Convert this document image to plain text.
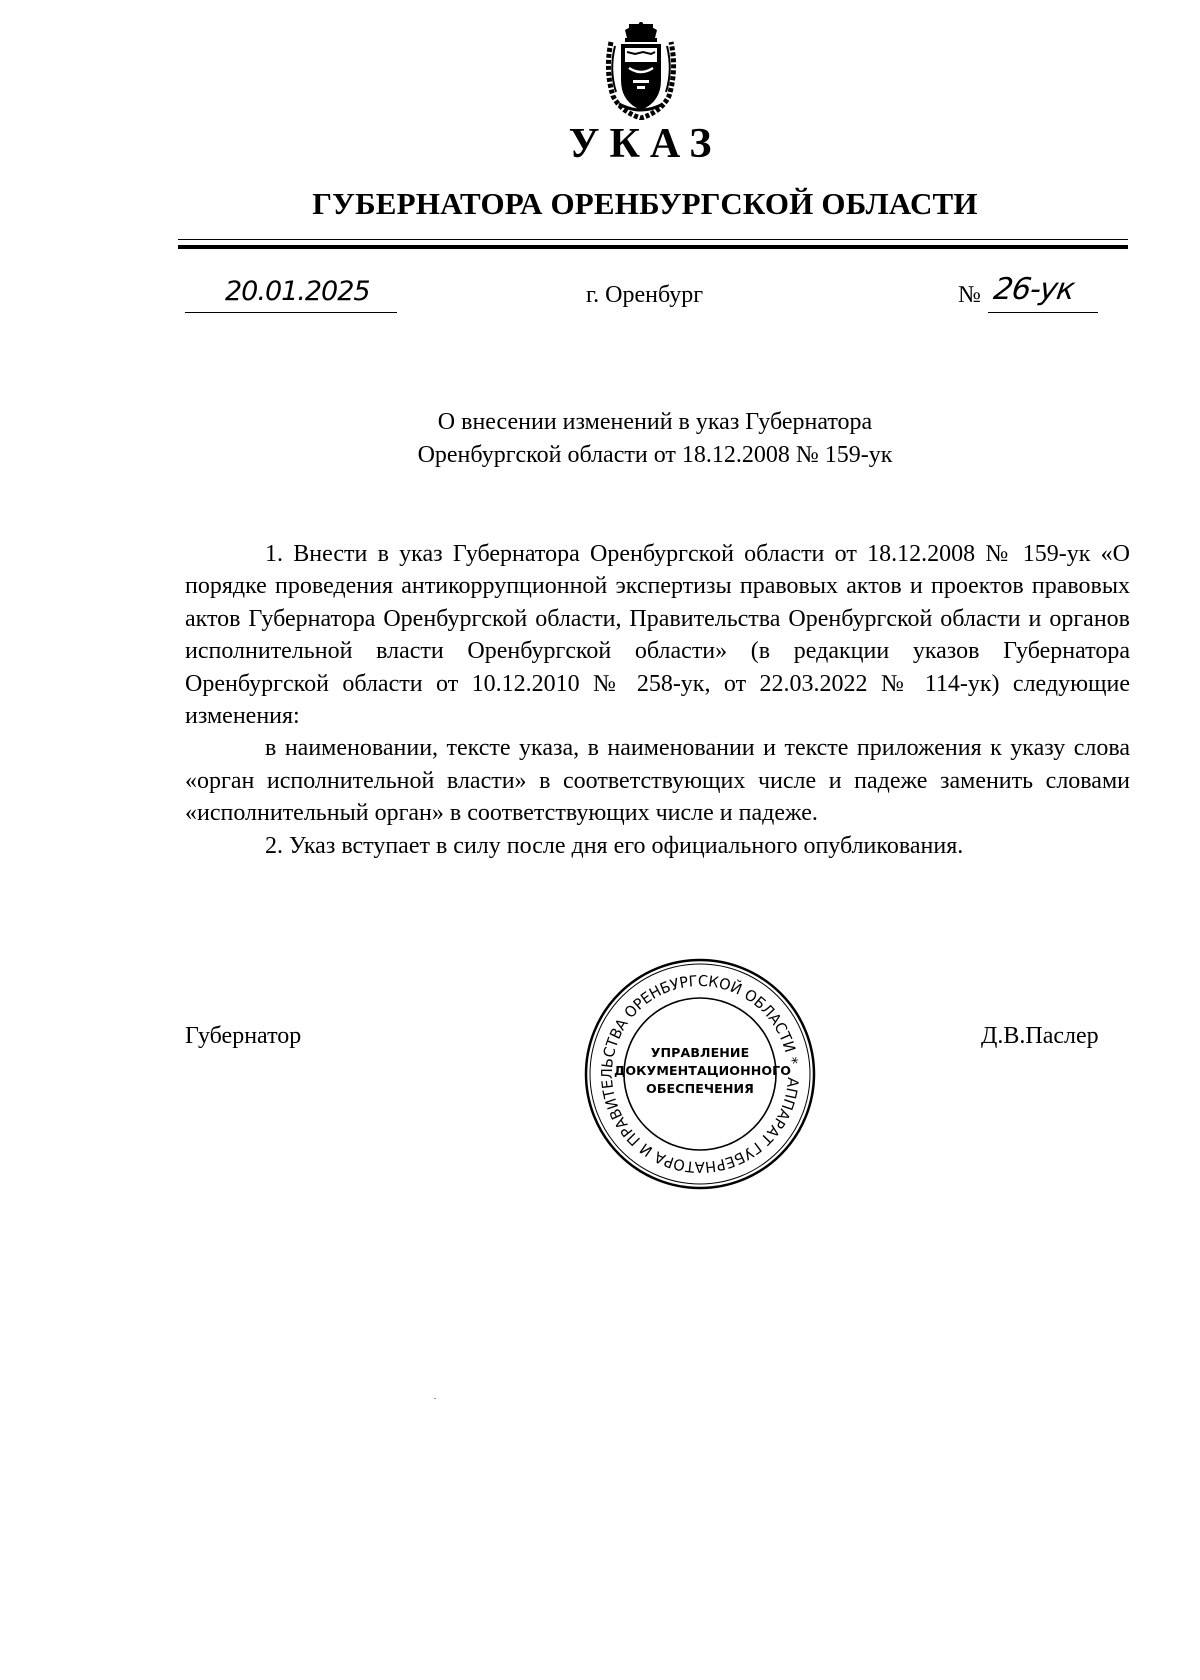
УКАЗ
ГУБЕРНАТОРА ОРЕНБУРГСКОЙ ОБЛАСТИ
20.01.2025	г. Оренбург	№ 26-ук
О внесении изменений в указ Губернатора
Оренбургской области от 18.12.2008 № 159-ук

1. Внести в указ Губернатора Оренбургской области от 18.12.2008 № 159-ук «О порядке проведения антикоррупционной экспертизы правовых актов и проектов правовых актов Губернатора Оренбургской области, Правительства Оренбургской области и органов исполнительной власти Оренбургской области» (в редакции указов Губернатора Оренбургской области от 10.12.2010 № 258-ук, от 22.03.2022 № 114-ук) следующие изменения:

в наименовании, тексте указа, в наименовании и тексте приложения к указу слова «орган исполнительной власти» в соответствующих числе и падеже заменить словами «исполнительный орган» в соответствующих числе и падеже.

2. Указ вступает в силу после дня его официального опубликования.

Губернатор	Д.В.Паслер
АППАРАТ ГУБЕРНАТОРА И ПРАВИТЕЛЬСТВА ОРЕНБУРГСКОЙ ОБЛАСТИ *
УПРАВЛЕНИЕ
ДОКУМЕНТАЦИОННОГО
ОБЕСПЕЧЕНИЯ
